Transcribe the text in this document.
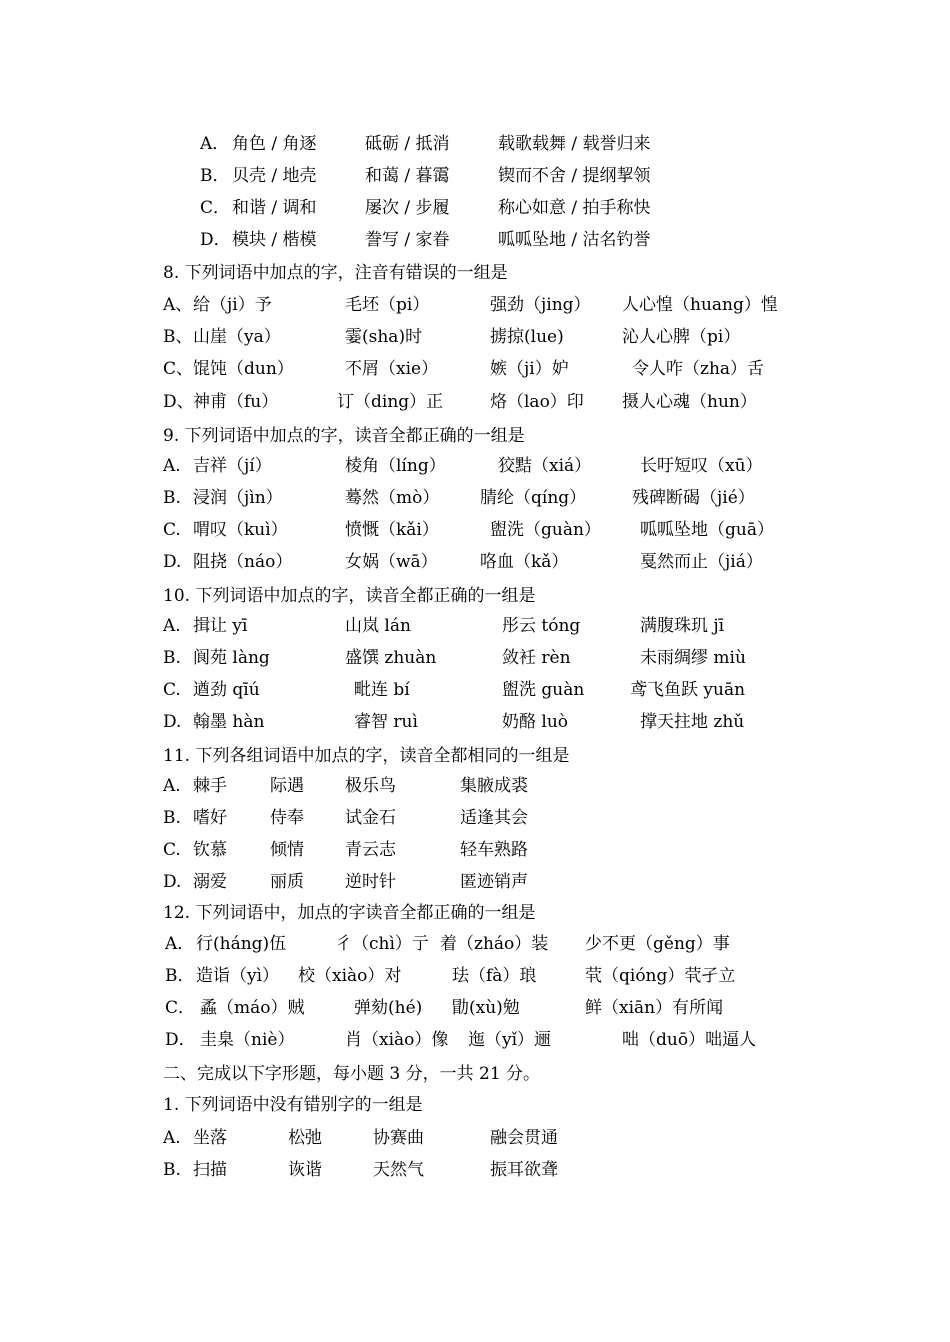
A． 角色 / 角逐	砥砺 / 抵消	载歌载舞 / 载誉归来
B． 贝壳 / 地壳	和蔼 / 暮霭	锲而不舍 / 提纲挈领
C． 和谐 / 调和	屡次 / 步履	称心如意 / 拍手称快
D． 模块 / 楷模	誊写 / 家眷	呱呱坠地 / 沽名钓誉
8. 下列词语中加点的字，注音有错误的一组是
A、 给（ji）予	毛坯（pi）	强劲（jing） 人心惶（huang）惶
B、 山崖（ya）	霎(sha)时	掳掠(lue)	沁人心脾（pi）
C、 馄饨（dun）	不屑（xie）	嫉（ji）妒	令人咋（zha）舌
D、 神甫（fu）	订（ding）正	烙（lao）印 摄人心魂（hun）
9. 下列词语中加点的字，读音全都正确的一组是
A. 吉祥（jí）	棱角（líng）	狡黠（xiá）	长吁短叹（xū）
B. 浸润（jìn）	蓦然（mò） 腈纶（qíng）	残碑断碣（jié）
C. 喟叹（kuì）	愤慨（kǎi）	盥洗（guàn） 呱呱坠地（guā）
D. 阻挠（náo）	女娲（wā） 咯血（kǎ）	戛然而止（jiá）
10. 下列词语中加点的字，读音全都正确的一组是
A. 揖让 yī	山岚 lán	彤云 tóng	满腹珠玑 jī
B. 阆苑 làng	盛馔 zhuàn	敛衽 rèn	未雨绸缪 miù
C. 遒劲 qīú	毗连 bí	盥洗 guàn	鸢飞鱼跃 yuān
D. 翰墨 hàn	睿智 ruì	奶酪 luò	撑天拄地 zhǔ
11. 下列各组词语中加点的字，读音全都相同的一组是
A. 棘手	际遇 极乐鸟	集腋成裘
B. 嗜好	侍奉 试金石	适逢其会
C. 钦慕	倾情 青云志	轻车熟路
D. 溺爱	丽质 逆时针	匿迹销声
12. 下列词语中，加点的字读音全都正确的一组是
A． 行(háng)伍	彳（chì）亍 着（zháo）装 少不更（gěng）事
B． 造诣（yì） 校（xiào）对	珐（fà）琅	茕（qióng）茕孑立
C． 蟊（máo）贼	弹劾(hé) 勖(xù)勉	鲜（xiān）有所闻
D． 圭臬（niè）	肖（xiào）像 迤（yǐ）逦	咄（duō）咄逼人
二、完成以下字形题，每小题 3 分，一共 21 分。
1. 下列词语中没有错别字的一组是
A. 坐落	松弛	协赛曲	融会贯通
B. 扫描	诙谐	天然气	振耳欲聋
